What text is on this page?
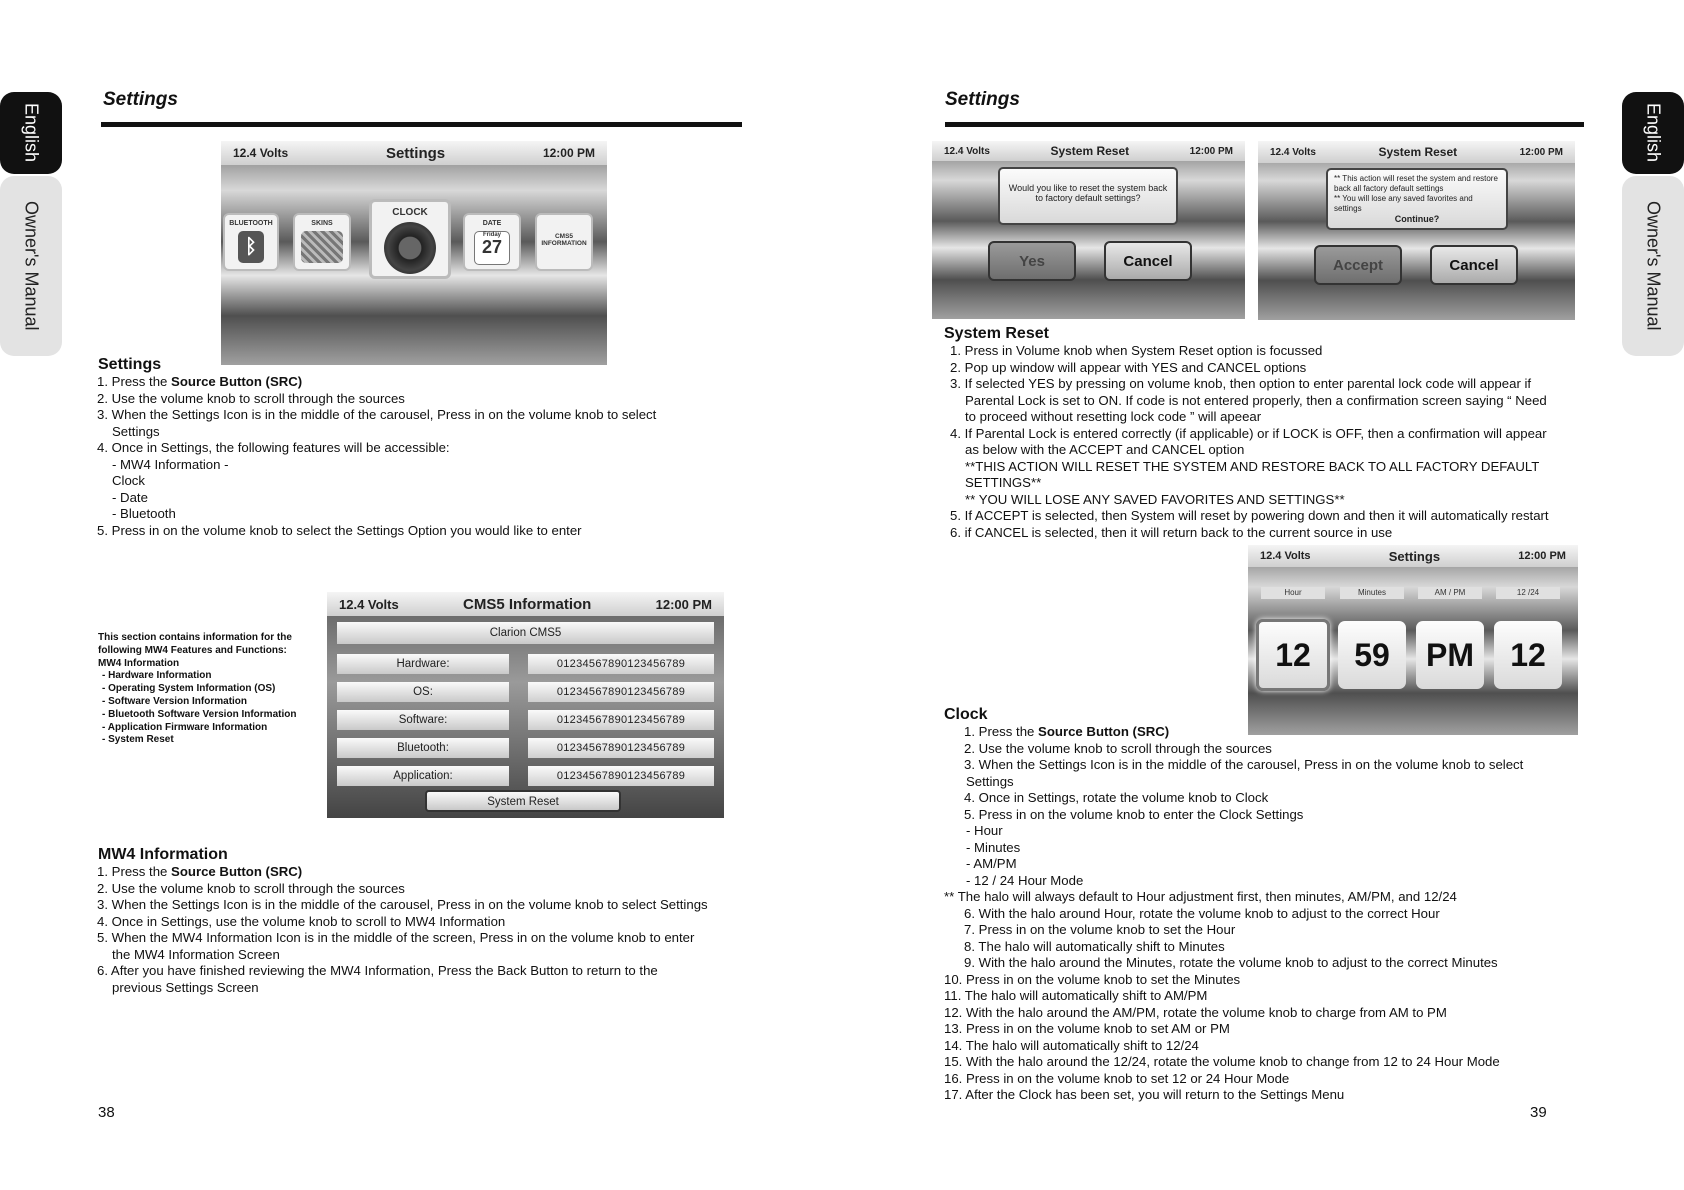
English
Owner's Manual
Settings
12.4 Volts	Settings	12:00 PM
BLUETOOTH
ᛒ
SKINS
CLOCK
DATE
Friday
27
CMS5 INFORMATION
Settings
1. Press the Source Button (SRC)
2. Use the volume knob to scroll through the sources
3. When the Settings Icon is in the middle of the carousel, Press in on the volume knob to select
Settings
4. Once in Settings, the following features will be accessible:
- MW4 Information -
Clock
- Date
- Bluetooth
5. Press in on the volume knob to select the Settings Option you would like to enter
This section contains information for the
following MW4 Features and Functions:
MW4 Information
- Hardware Information
- Operating System Information (OS)
- Software Version Information
- Bluetooth Software Version Information
- Application Firmware Information
- System Reset
12.4 Volts	CMS5 Information	12:00 PM
Clarion CMS5
Hardware:	01234567890123456789
OS:	01234567890123456789
Software:	01234567890123456789
Bluetooth:	01234567890123456789
Application:	01234567890123456789
System Reset
MW4 Information
1. Press the Source Button (SRC)
2. Use the volume knob to scroll through the sources
3. When the Settings Icon is in the middle of the carousel, Press in on the volume knob to select Settings
4. Once in Settings, use the volume knob to scroll to MW4 Information
5. When the MW4 Information Icon is in the middle of the screen, Press in on the volume knob to enter
the MW4 Information Screen
6. After you have finished reviewing the MW4 Information, Press the Back Button to return to the
previous Settings Screen
38
Settings
12.4 Volts	System Reset	12:00 PM
Would you like to reset the system back to factory default settings?
Yes	Cancel
12.4 Volts	System Reset	12:00 PM
** This action will reset the system and restore back all factory default settings
** You will lose any saved favorites and settings
Continue?
Accept	Cancel
System Reset
1. Press in Volume knob when System Reset option is focussed
2. Pop up window will appear with YES and CANCEL options
3. If selected YES by pressing on volume knob, then option to enter parental lock code will appear if
Parental Lock is set to ON. If code is not entered properly, then a confirmation screen saying “ Need
to proceed without resetting lock code ” will apeear
4. If Parental Lock is entered correctly (if applicable) or if LOCK is OFF, then a confirmation will appear
as below with the ACCEPT and CANCEL option
**THIS ACTION WILL RESET THE SYSTEM AND RESTORE BACK TO ALL FACTORY DEFAULT
SETTINGS**
** YOU WILL LOSE ANY SAVED FAVORITES AND SETTINGS**
5. If ACCEPT is selected, then System will reset by powering down and then it will automatically restart
6. if CANCEL is selected, then it will return back to the current source in use
12.4 Volts	Settings	12:00 PM
Hour	Minutes	AM / PM	12 /24
12	59	PM	12
Clock
1. Press the Source Button (SRC)
2. Use the volume knob to scroll through the sources
3. When the Settings Icon is in the middle of the carousel, Press in on the volume knob to select
Settings
4. Once in Settings, rotate the volume knob to Clock
5. Press in on the volume knob to enter the Clock Settings
- Hour
- Minutes
- AM/PM
- 12 / 24 Hour Mode
** The halo will always default to Hour adjustment first, then minutes, AM/PM, and 12/24
6. With the halo around Hour, rotate the volume knob to adjust to the correct Hour
7. Press in on the volume knob to set the Hour
8. The halo will automatically shift to Minutes
9. With the halo around the Minutes, rotate the volume knob to adjust to the correct Minutes
10. Press in on the volume knob to set the Minutes
11. The halo will automatically shift to AM/PM
12. With the halo around the AM/PM, rotate the volume knob to charge from AM to PM
13. Press in on the volume knob to set AM or PM
14. The halo will automatically shift to 12/24
15. With the halo around the 12/24, rotate the volume knob to change from 12 to 24 Hour Mode
16. Press in on the volume knob to set 12 or 24 Hour Mode
17. After the Clock has been set, you will return to the Settings Menu
39
English
Owner's Manual
